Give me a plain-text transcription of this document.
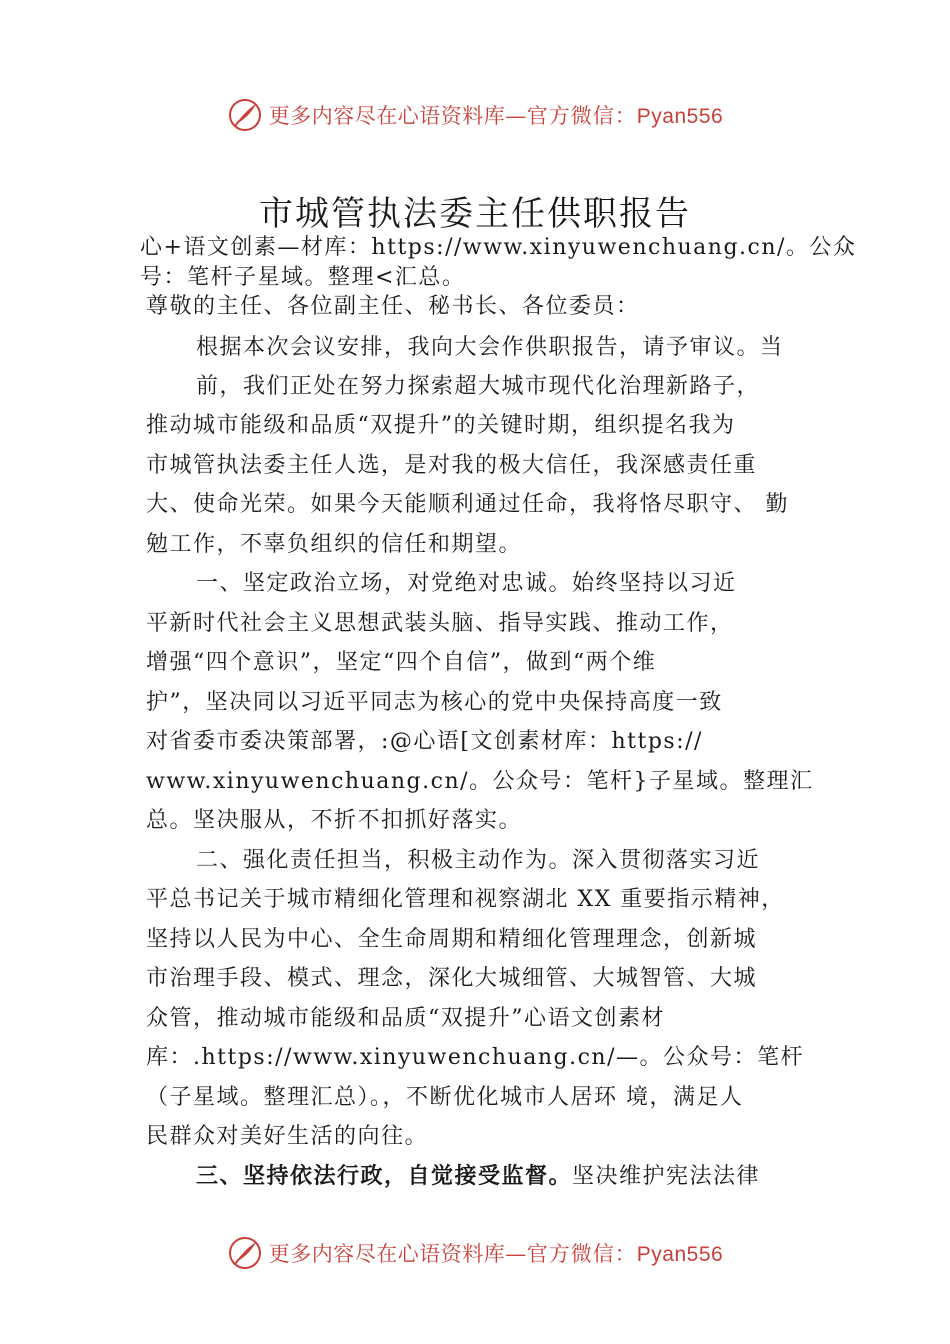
更多内容尽在心语资料库—官方微信：Pyan556
市城管执法委主任供职报告
心+语文创素—材库：https://www.xinyuwenchuang.cn/。公众
号：笔杆子星域。整理<汇总。
尊敬的主任、各位副主任、秘书长、各位委员：
根据本次会议安排，我向大会作供职报告，请予审议。当
前，我们正处在努力探索超大城市现代化治理新路子，
推动城市能级和品质“双提升”的关键时期，组织提名我为
市城管执法委主任人选，是对我的极大信任，我深感责任重
大、使命光荣。如果今天能顺利通过任命，我将恪尽职守、 勤
勉工作，不辜负组织的信任和期望。
一、坚定政治立场，对党绝对忠诚。始终坚持以习近
平新时代社会主义思想武装头脑、指导实践、推动工作，
增强“四个意识”，坚定“四个自信”，做到“两个维
护”，坚决同以习近平同志为核心的党中央保持高度一致
对省委市委决策部署，:@心语[文创素材库：https://
www.xinyuwenchuang.cn/。公众号：笔杆}子星域。整理汇
总。坚决服从，不折不扣抓好落实。
二、强化责任担当，积极主动作为。深入贯彻落实习近
平总书记关于城市精细化管理和视察湖北 XX 重要指示精神，
坚持以人民为中心、全生命周期和精细化管理理念，创新城
市治理手段、模式、理念，深化大城细管、大城智管、大城
众管，推动城市能级和品质“双提升”心语文创素材
库：.https://www.xinyuwenchuang.cn/—。公众号：笔杆
（子星域。整理汇总）。，不断优化城市人居环 境，满足人
民群众对美好生活的向往。
三、坚持依法行政，自觉接受监督。坚决维护宪法法律
更多内容尽在心语资料库—官方微信：Pyan556
